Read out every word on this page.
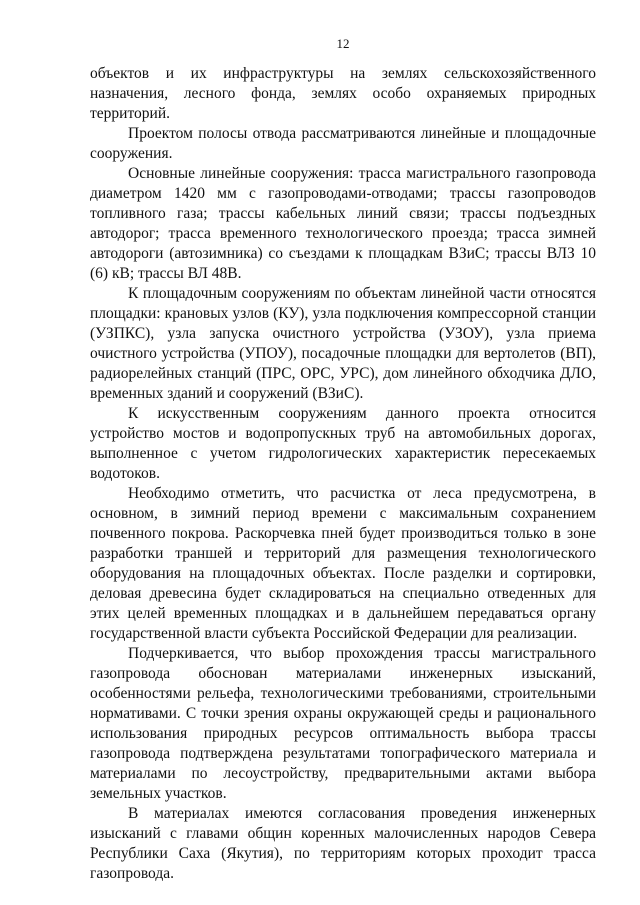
12

объектов и их инфраструктуры на землях сельскохозяйственного назначения, лесного фонда, землях особо охраняемых природных территорий.

Проектом полосы отвода рассматриваются линейные и площадочные сооружения.

Основные линейные сооружения: трасса магистрального газопровода диаметром 1420 мм с газопроводами-отводами; трассы газопроводов топливного газа; трассы кабельных линий связи; трассы подъездных автодорог; трасса временного технологического проезда; трасса зимней автодороги (автозимника) со съездами к площадкам ВЗиС; трассы ВЛЗ 10 (6) кВ; трассы ВЛ 48В.

К площадочным сооружениям по объектам линейной части относятся площадки: крановых узлов (КУ), узла подключения компрессорной станции (УЗПКС), узла запуска очистного устройства (УЗОУ), узла приема очистного устройства (УПОУ), посадочные площадки для вертолетов (ВП), радиорелейных станций (ПРС, ОРС, УРС), дом линейного обходчика ДЛО, временных зданий и сооружений (ВЗиС).

К искусственным сооружениям данного проекта относится устройство мостов и водопропускных труб на автомобильных дорогах, выполненное с учетом гидрологических характеристик пересекаемых водотоков.

Необходимо отметить, что расчистка от леса предусмотрена, в основном, в зимний период времени с максимальным сохранением почвенного покрова. Раскорчевка пней будет производиться только в зоне разработки траншей и территорий для размещения технологического оборудования на площадочных объектах. После разделки и сортировки, деловая древесина будет складироваться на специально отведенных для этих целей временных площадках и в дальнейшем передаваться органу государственной власти субъекта Российской Федерации для реализации.

Подчеркивается, что выбор прохождения трассы магистрального газопровода обоснован материалами инженерных изысканий, особенностями рельефа, технологическими требованиями, строительными нормативами. С точки зрения охраны окружающей среды и рационального использования природных ресурсов оптимальность выбора трассы газопровода подтверждена результатами топографического материала и материалами по лесоустройству, предварительными актами выбора земельных участков.

В материалах имеются согласования проведения инженерных изысканий с главами общин коренных малочисленных народов Севера Республики Саха (Якутия), по территориям которых проходит трасса газопровода.
